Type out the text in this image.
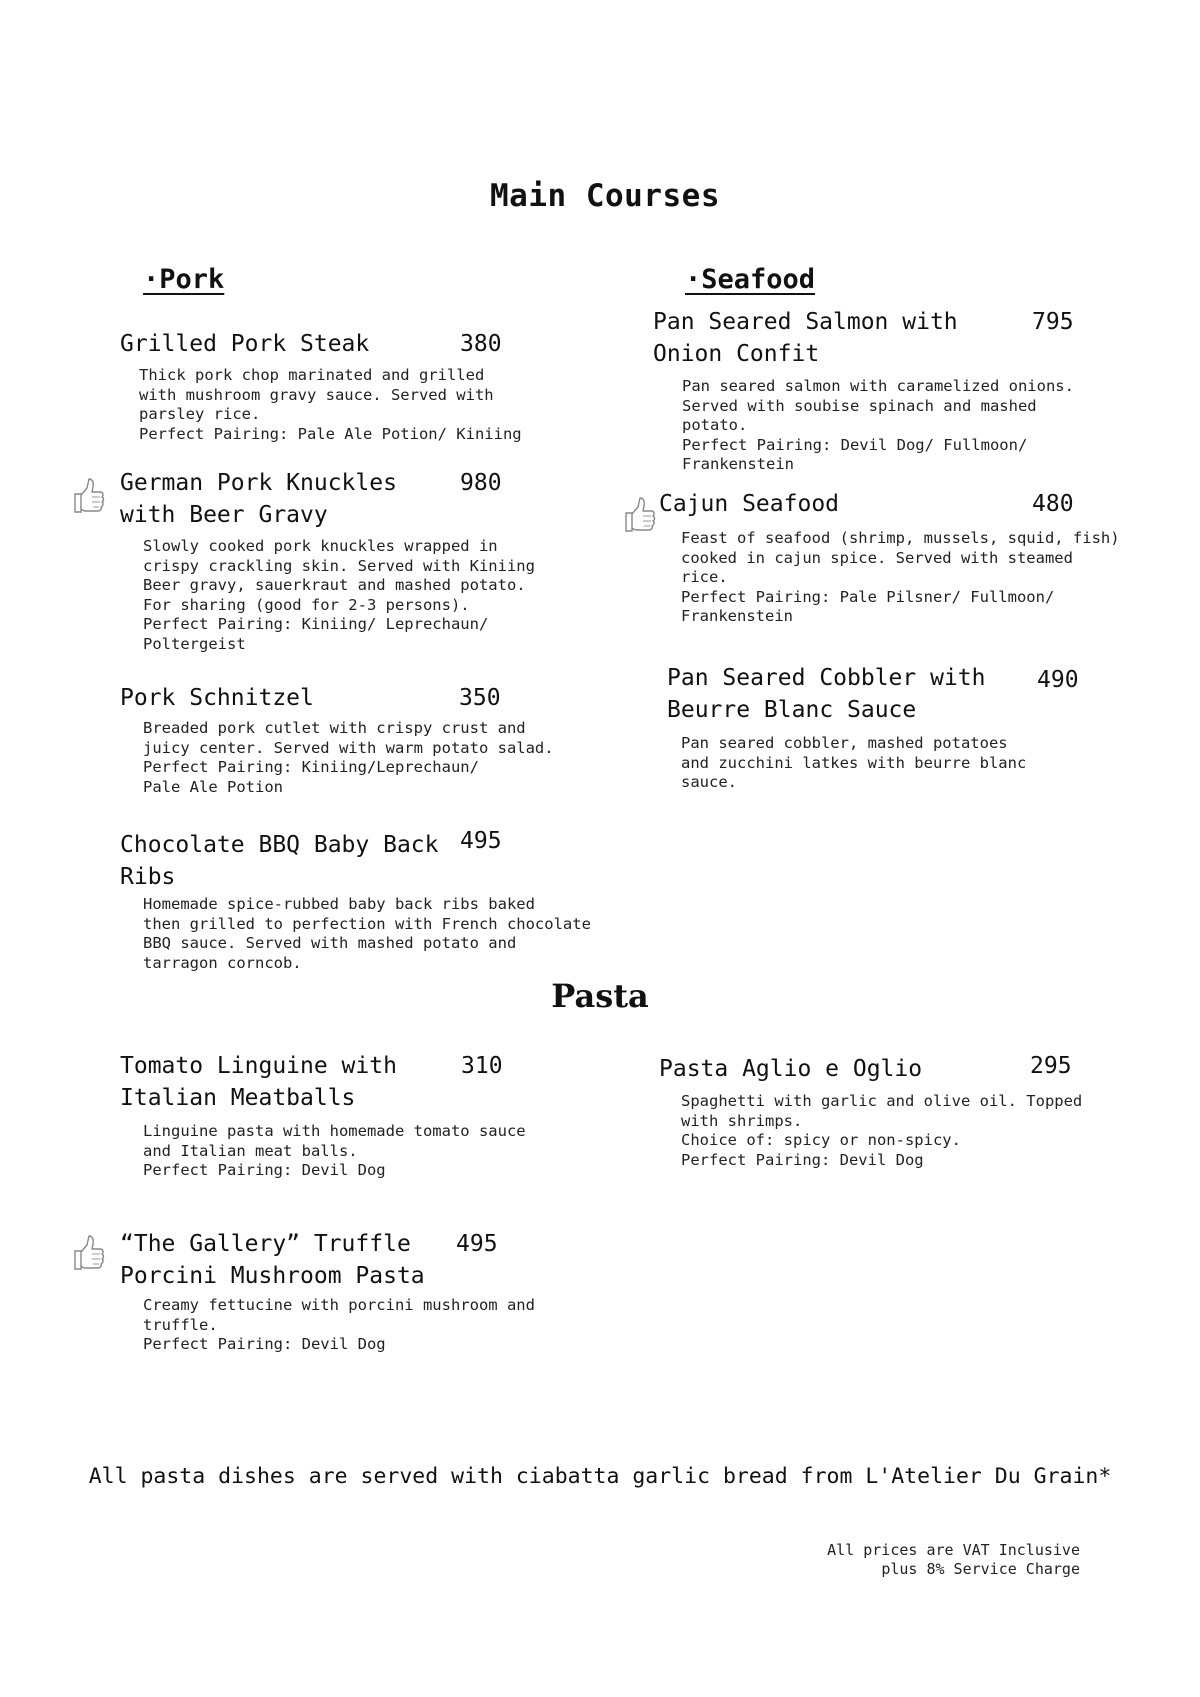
Main Courses
·Pork	·Seafood
Pasta
Grilled Pork Steak	380
Thick pork chop marinated and grilled
with mushroom gravy sauce. Served with
parsley rice.
Perfect Pairing: Pale Ale Potion/ Kiniing
German Pork Knuckles
with Beer Gravy
980
Slowly cooked pork knuckles wrapped in
crispy crackling skin. Served with Kiniing
Beer gravy, sauerkraut and mashed potato.
For sharing (good for 2-3 persons).
Perfect Pairing: Kiniing/ Leprechaun/
Poltergeist
Pork Schnitzel	350
Breaded pork cutlet with crispy crust and
juicy center. Served with warm potato salad.
Perfect Pairing: Kiniing/Leprechaun/
Pale Ale Potion
Chocolate BBQ Baby Back
Ribs
495
Homemade spice-rubbed baby back ribs baked
then grilled to perfection with French chocolate
BBQ sauce. Served with mashed potato and
tarragon corncob.
Pan Seared Salmon with
Onion Confit
795
Pan seared salmon with caramelized onions.
Served with soubise spinach and mashed
potato.
Perfect Pairing: Devil Dog/ Fullmoon/
Frankenstein
Cajun Seafood	480
Feast of seafood (shrimp, mussels, squid, fish)
cooked in cajun spice. Served with steamed
rice.
Perfect Pairing: Pale Pilsner/ Fullmoon/
Frankenstein
Pan Seared Cobbler with
Beurre Blanc Sauce
490
Pan seared cobbler, mashed potatoes
and zucchini latkes with beurre blanc
sauce.
Tomato Linguine with
Italian Meatballs
310
Linguine pasta with homemade tomato sauce
and Italian meat balls.
Perfect Pairing: Devil Dog
Pasta Aglio e Oglio	295
Spaghetti with garlic and olive oil. Topped
with shrimps.
Choice of: spicy or non-spicy.
Perfect Pairing: Devil Dog
“The Gallery” Truffle
Porcini Mushroom Pasta
495
Creamy fettucine with porcini mushroom and
truffle.
Perfect Pairing: Devil Dog
All pasta dishes are served with ciabatta garlic bread from L'Atelier Du Grain*
All prices are VAT Inclusive
plus 8% Service Charge
